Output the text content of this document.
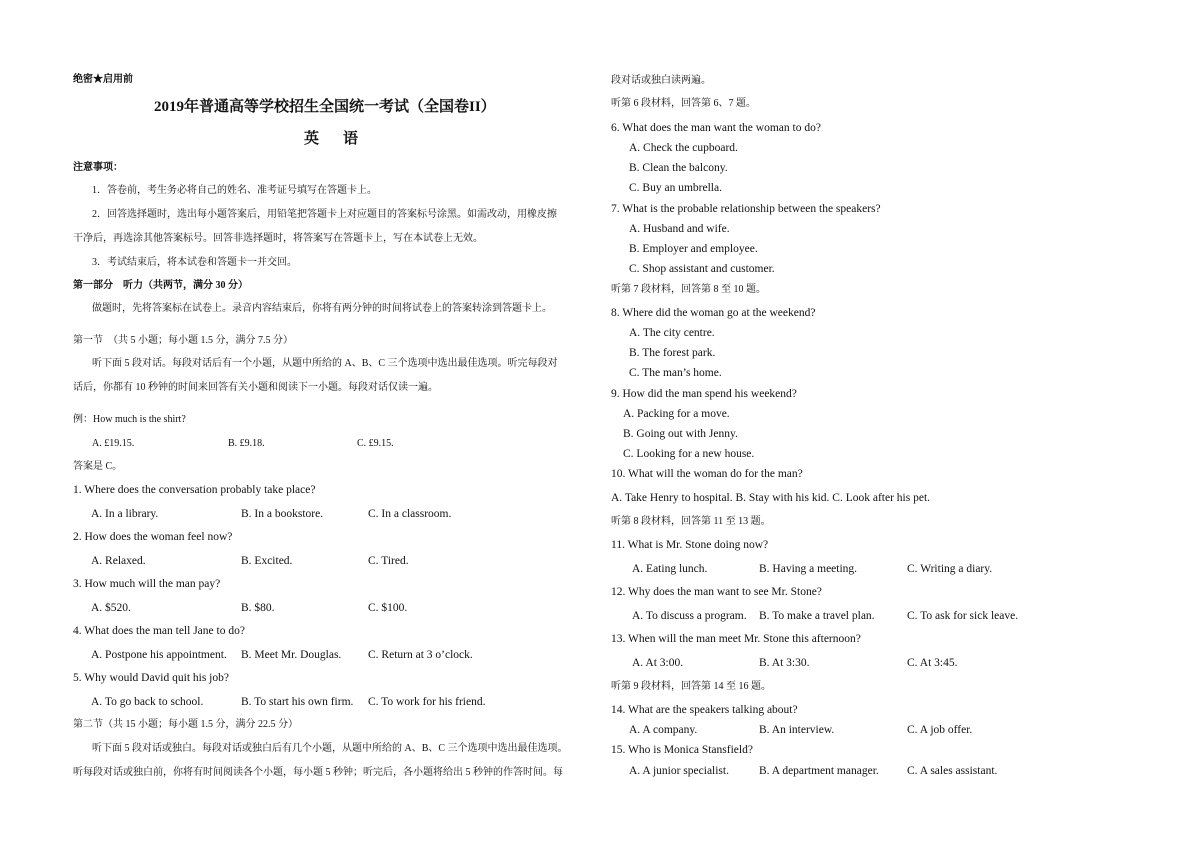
绝密★启用前
2019年普通高等学校招生全国统一考试（全国卷II）
英 语
注意事项：
1．答卷前，考生务必将自己的姓名、准考证号填写在答题卡上。
2．回答选择题时，选出每小题答案后，用铅笔把答题卡上对应题目的答案标号涂黑。如需改动，用橡皮擦
干净后，再选涂其他答案标号。回答非选择题时，将答案写在答题卡上，写在本试卷上无效。
3．考试结束后，将本试卷和答题卡一并交回。
第一部分　听力（共两节，满分 30 分）
做题时，先将答案标在试卷上。录音内容结束后，你将有两分钟的时间将试卷上的答案转涂到答题卡上。
第一节　（共 5 小题；每小题 1.5 分，满分 7.5 分）
听下面 5 段对话。每段对话后有一个小题，从题中所给的 A、B、C 三个选项中选出最佳选项。听完每段对
话后，你都有 10 秒钟的时间来回答有关小题和阅读下一小题。每段对话仅读一遍。
例：How much is the shirt?
A. £19.15.	B. £9.18.	C. £9.15.
答案是 C。
1. Where does the conversation probably take place?
A. In a library.	B. In a bookstore.	C. In a classroom.
2. How does the woman feel now?
A. Relaxed.	B. Excited.	C. Tired.
3. How much will the man pay?
A. $520.	B. $80.	C. $100.
4. What does the man tell Jane to do?
A. Postpone his appointment. B. Meet Mr. Douglas. C. Return at 3 o’clock.
5. Why would David quit his job?
A. To go back to school.	B. To start his own firm. C. To work for his friend.
第二节（共 15 小题；每小题 1.5 分，满分 22.5 分）
听下面 5 段对话或独白。每段对话或独白后有几个小题，从题中所给的 A、B、C 三个选项中选出最佳选项。
听每段对话或独白前，你将有时间阅读各个小题，每小题 5 秒钟；听完后，各小题将给出 5 秒钟的作答时间。每
段对话或独白读两遍。
听第 6 段材料，回答第 6、7 题。
6. What does the man want the woman to do?
A. Check the cupboard.
B. Clean the balcony.
C. Buy an umbrella.
7. What is the probable relationship between the speakers?
A. Husband and wife.
B. Employer and employee.
C. Shop assistant and customer.
听第 7 段材料，回答第 8 至 10 题。
8. Where did the woman go at the weekend?
A. The city centre.
B. The forest park.
C. The man’s home.
9. How did the man spend his weekend?
A. Packing for a move.
B. Going out with Jenny.
C. Looking for a new house.
10. What will the woman do for the man?
A. Take Henry to hospital. B. Stay with his kid. C. Look after his pet.
听第 8 段材料，回答第 11 至 13 题。
11. What is Mr. Stone doing now?
A. Eating lunch.	B. Having a meeting.	C. Writing a diary.
12. Why does the man want to see Mr. Stone?
A. To discuss a program. B. To make a travel plan.	C. To ask for sick leave.
13. When will the man meet Mr. Stone this afternoon?
A. At 3:00.	B. At 3:30.	C. At 3:45.
听第 9 段材料，回答第 14 至 16 题。
14. What are the speakers talking about?
A. A company.	B. An interview.	C. A job offer.
15. Who is Monica Stansfield?
A. A junior specialist.	B. A department manager. C. A sales assistant.
